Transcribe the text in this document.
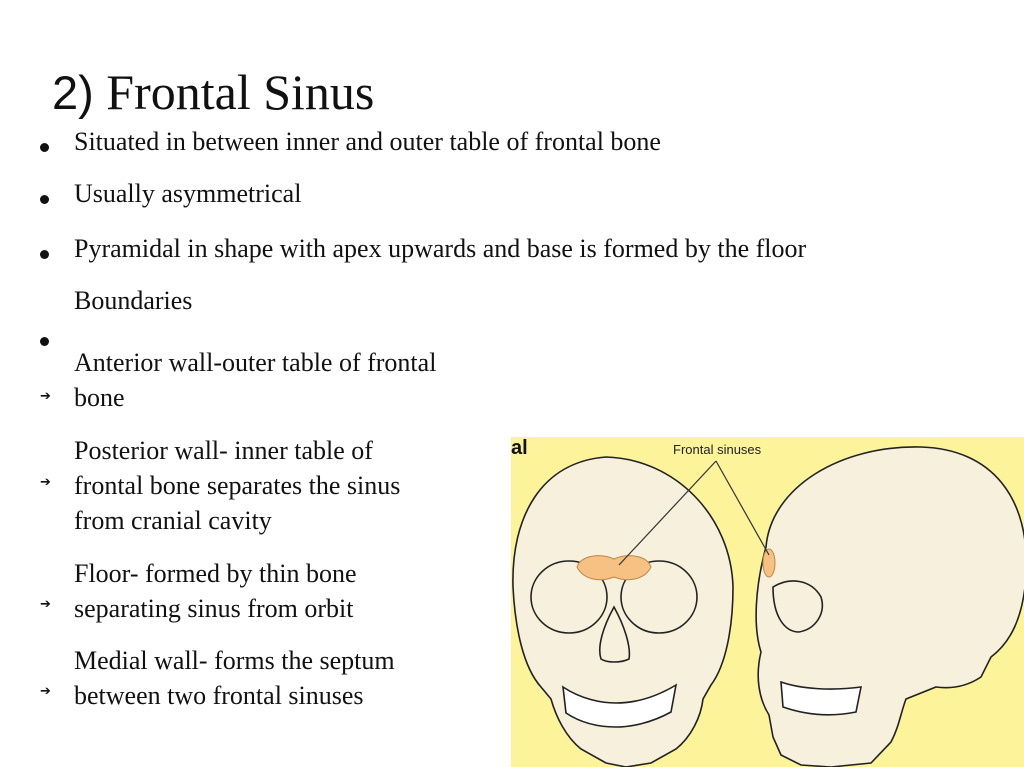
2) Frontal Sinus
Situated in between inner and outer table of frontal bone
Usually asymmetrical
Pyramidal in shape with apex upwards and base is formed by the floor
Boundaries
➔
Anterior wall-outer table of frontal
bone
➔
Posterior wall- inner table of
frontal bone separates the sinus
from cranial cavity
➔
Floor- formed by thin bone
separating sinus from orbit
➔
Medial wall- forms the septum
between two frontal sinuses
al	Frontal sinuses
